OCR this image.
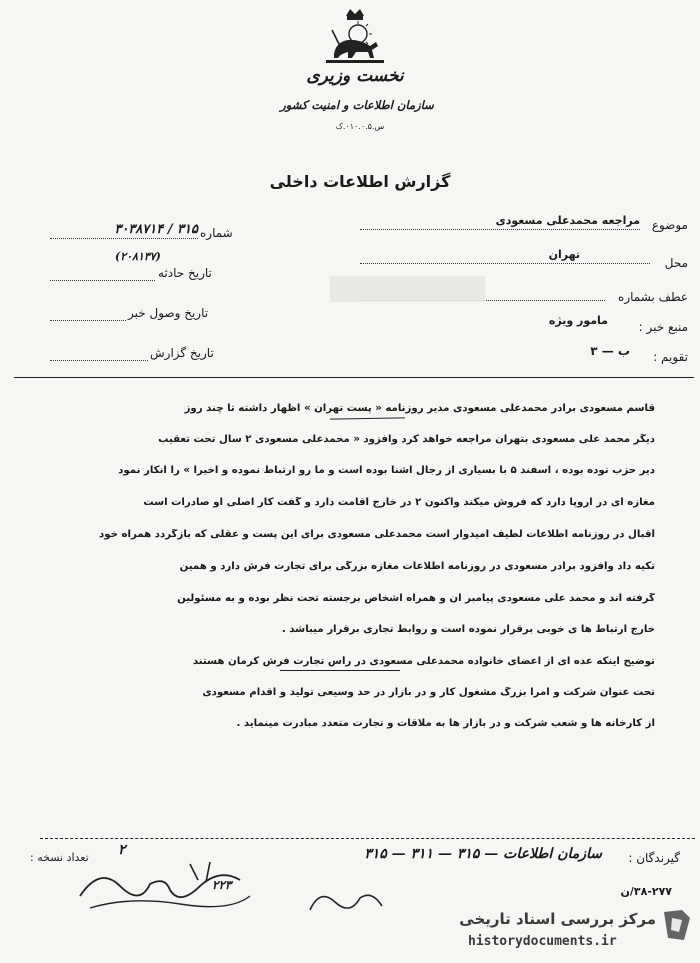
نخست وزیری
سازمان اطلاعات و امنیت کشور
س.۰۱۰.۰.۵.ک
گزارش اطلاعات داخلی
موضوع
مراجعه محمدعلی مسعودی
محل
تهران
عطف بشماره
منبع خبر :
مامور ویژه
تقویم :
ب — ۳
شماره
۳۱۵ / ۳۰۳۸۷۱۴
(۲۰۸۱۳۷)
تاریخ حادثه
تاریخ وصول خبر
تاریخ گزارش
قاسم مسعودی برادر محمدعلی مسعودی مدیر روزنامه « پست تهران » اظهار داشته تا چند روز
دیگر محمد علی مسعودی بتهران مراجعه خواهد کرد وافزود « محمدعلی مسعودی ۲ سال تحت تعقیب
دیر حزب توده بوده ، اسفند ۵ با بسیاری از رجال آشنا بوده است و ما رو ارتباط نموده و اخیراً » را انکار نمود
مغازه ای در اروپا دارد که فروش میکند واکنون ۲ در خارج اقامت دارد و گفت کار اصلی او صادرات است
اقبال در روزنامه اطلاعات لطیف امیدوار است محمدعلی مسعودی برای این پست و عقلی که بازگردد همراه خود
تکیه داد وافزود برادر مسعودی در روزنامه اطلاعات مغازه بزرگی برای تجارت فرش دارد و همین
گرفته اند و محمد علی مسعودی پیامبر آن و همراه اشخاص برجسته تحت نظر بوده و به مسئولین
خارج ارتباط ها ی خوبی برقرار نموده است و روابط تجاری برقرار میباشد .
توضیح اینکه عده ای از اعضای خانواده محمدعلی مسعودی در رأس تجارت فرش کرمان هستند
تحت عنوان شرکت و امرا بزرگ مشغول کار و در بازار در حد وسیعی تولید و اقدام مسعودی
از کارخانه ها و شعب شرکت و در بازار ها به ملاقات و تجارت متعدد مبادرت مینماید .
گیرندگان :
سازمان اطلاعات — ۳۱۵ — ۳۱۱ — ۳۱۵
تعداد نسخه : ۲
۲۲۳	۳۸-۲۷۷/ن
مرکز بررسی اسناد تاریخی
historydocuments.ir
